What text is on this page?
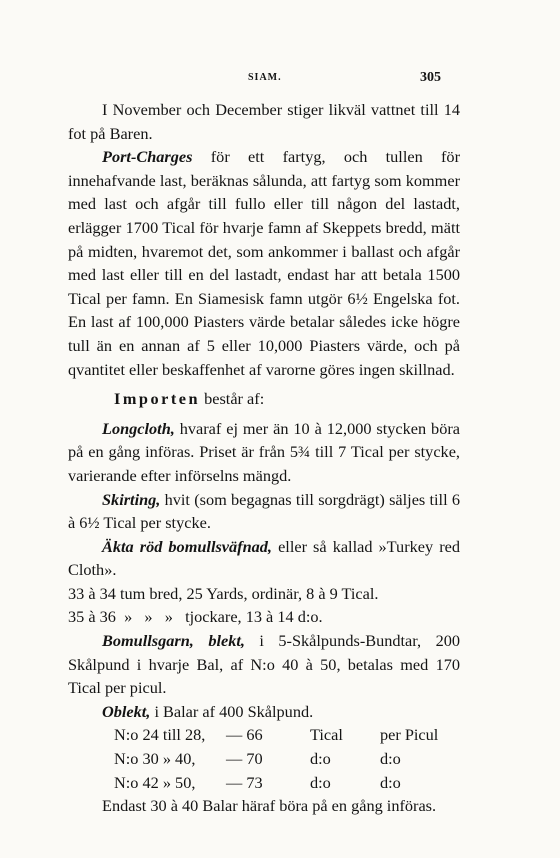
SIAM.	305

I November och December stiger likväl vattnet till 14 fot på Baren.

Port-Charges för ett fartyg, och tullen för innehafvande last, beräknas sålunda, att fartyg som kommer med last och afgår till fullo eller till någon del lastadt, erlägger 1700 Tical för hvarje famn af Skeppets bredd, mätt på midten, hvaremot det, som ankommer i ballast och afgår med last eller till en del lastadt, endast har att betala 1500 Tical per famn. En Siamesisk famn utgör 6½ Engelska fot. En last af 100,000 Piasters värde betalar således icke högre tull än en annan af 5 eller 10,000 Piasters värde, och på qvantitet eller beskaffenhet af varorne göres ingen skillnad.

Importen består af:

Longcloth, hvaraf ej mer än 10 à 12,000 stycken böra på en gång införas. Priset är från 5¾ till 7 Tical per stycke, varierande efter införselns mängd.

Skirting, hvit (som begagnas till sorgdrägt) säljes till 6 à 6½ Tical per stycke.

Äkta röd bomullsväfnad, eller så kallad »Turkey red Cloth».

33 à 34 tum bred, 25 Yards, ordinär, 8 à 9 Tical.

35 à 36  »   »   »   tjockare, 13 à 14 d:o.

Bomullsgarn, blekt, i 5-Skålpunds-Bundtar, 200 Skålpund i hvarje Bal, af N:o 40 à 50, betalas med 170 Tical per picul.

Oblekt, i Balar af 400 Skålpund.

N:o 24 till 28,	— 66	Tical	per Picul
N:o 30 » 40,	— 70	d:o	d:o
N:o 42 » 50,	— 73	d:o	d:o

Endast 30 à 40 Balar häraf böra på en gång införas.
